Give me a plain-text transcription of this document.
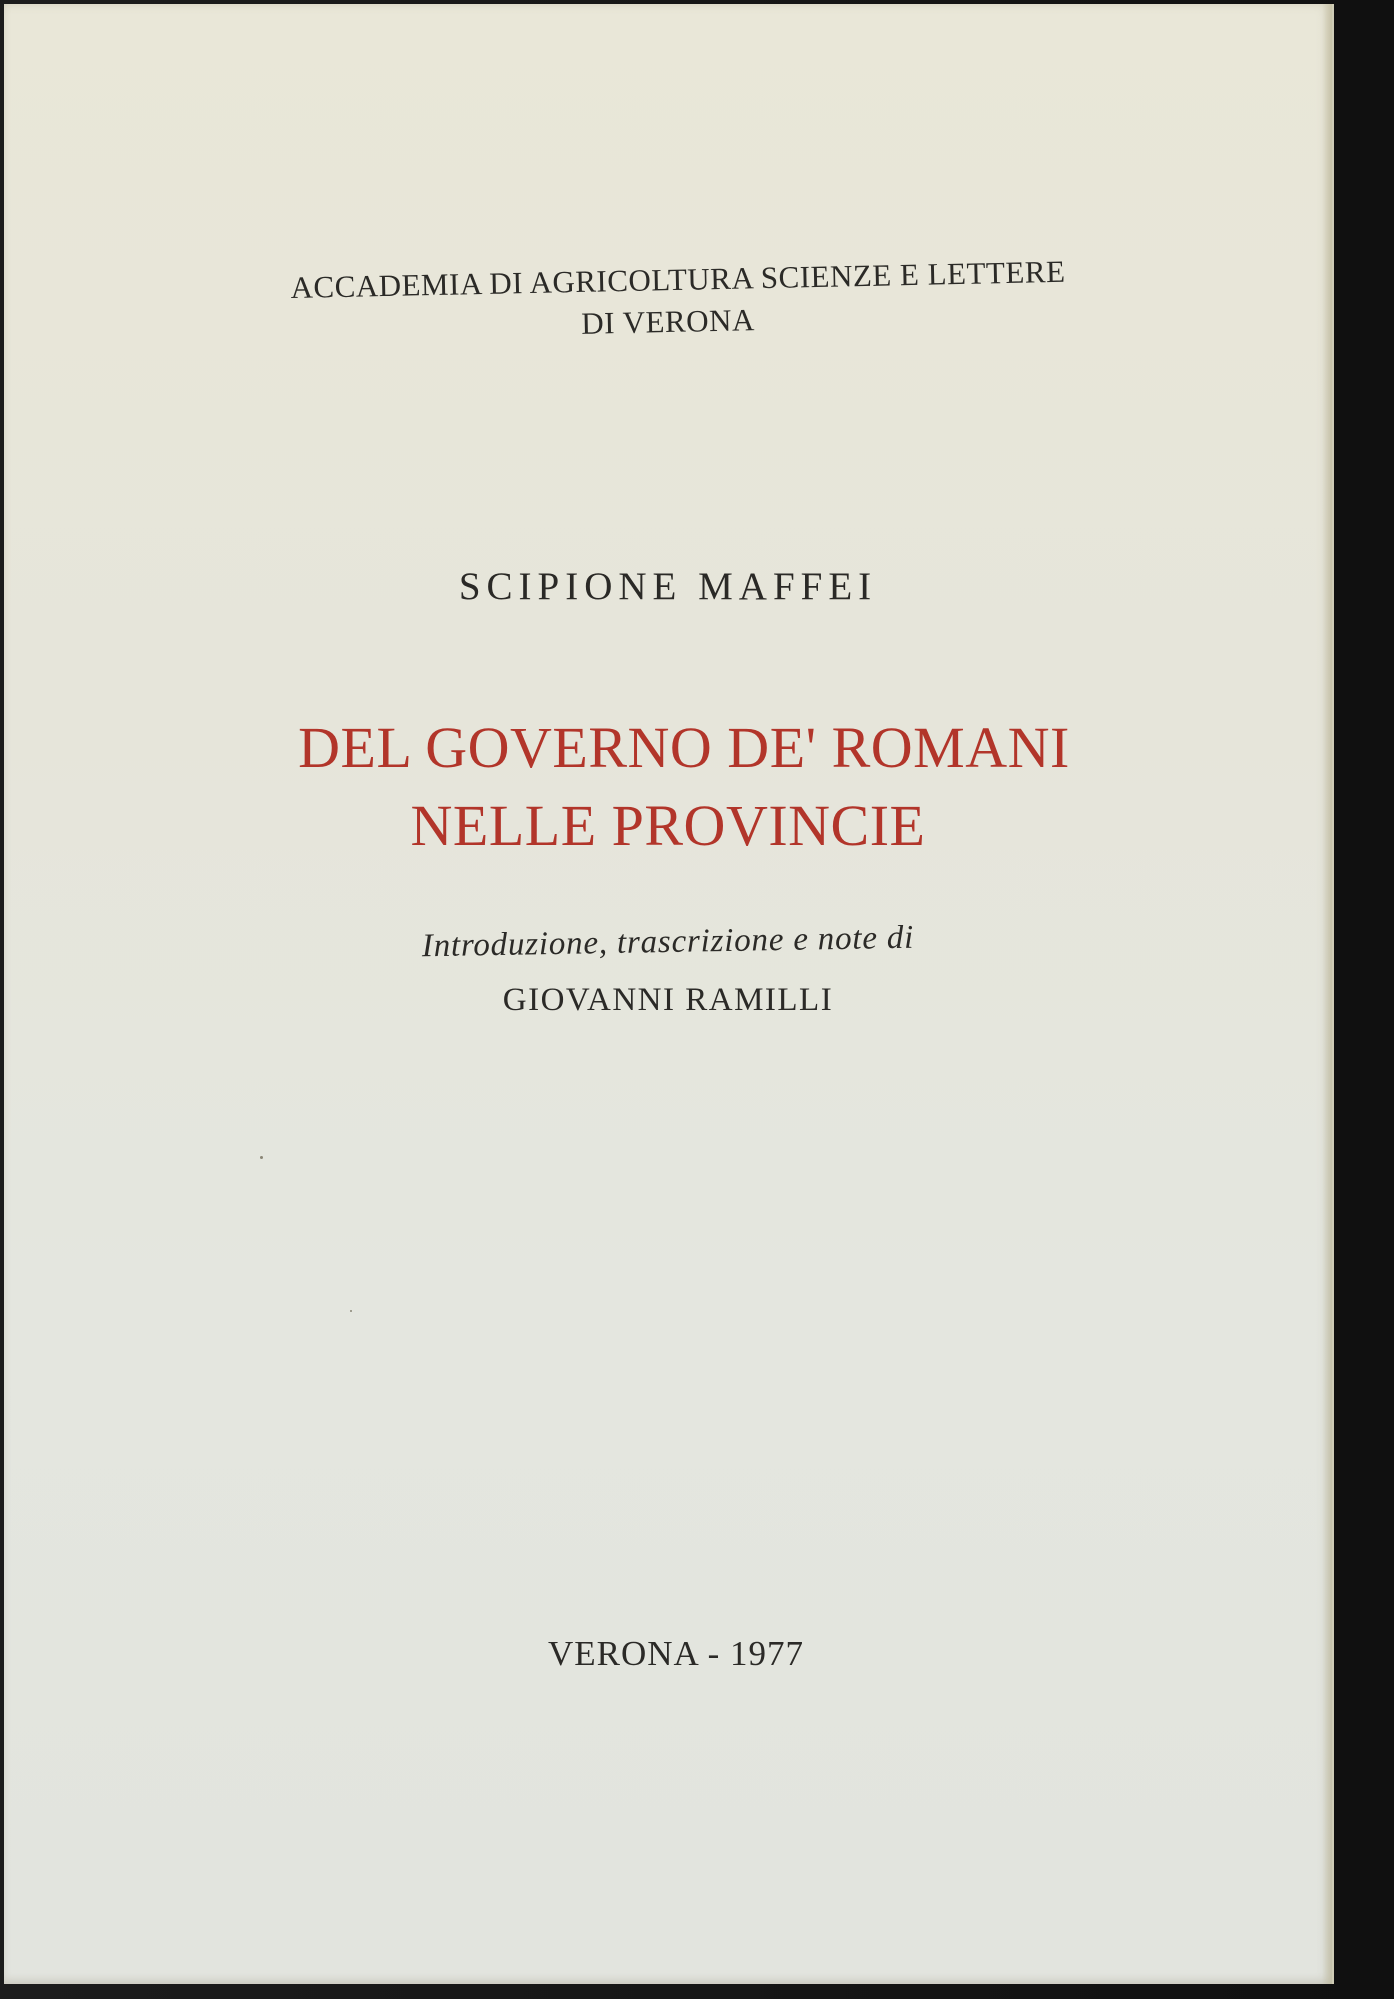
ACCADEMIA DI AGRICOLTURA SCIENZE E LETTERE
DI VERONA
SCIPIONE MAFFEI
DEL GOVERNO DE' ROMANI
NELLE PROVINCIE
Introduzione, trascrizione e note di
GIOVANNI RAMILLI
VERONA - 1977
